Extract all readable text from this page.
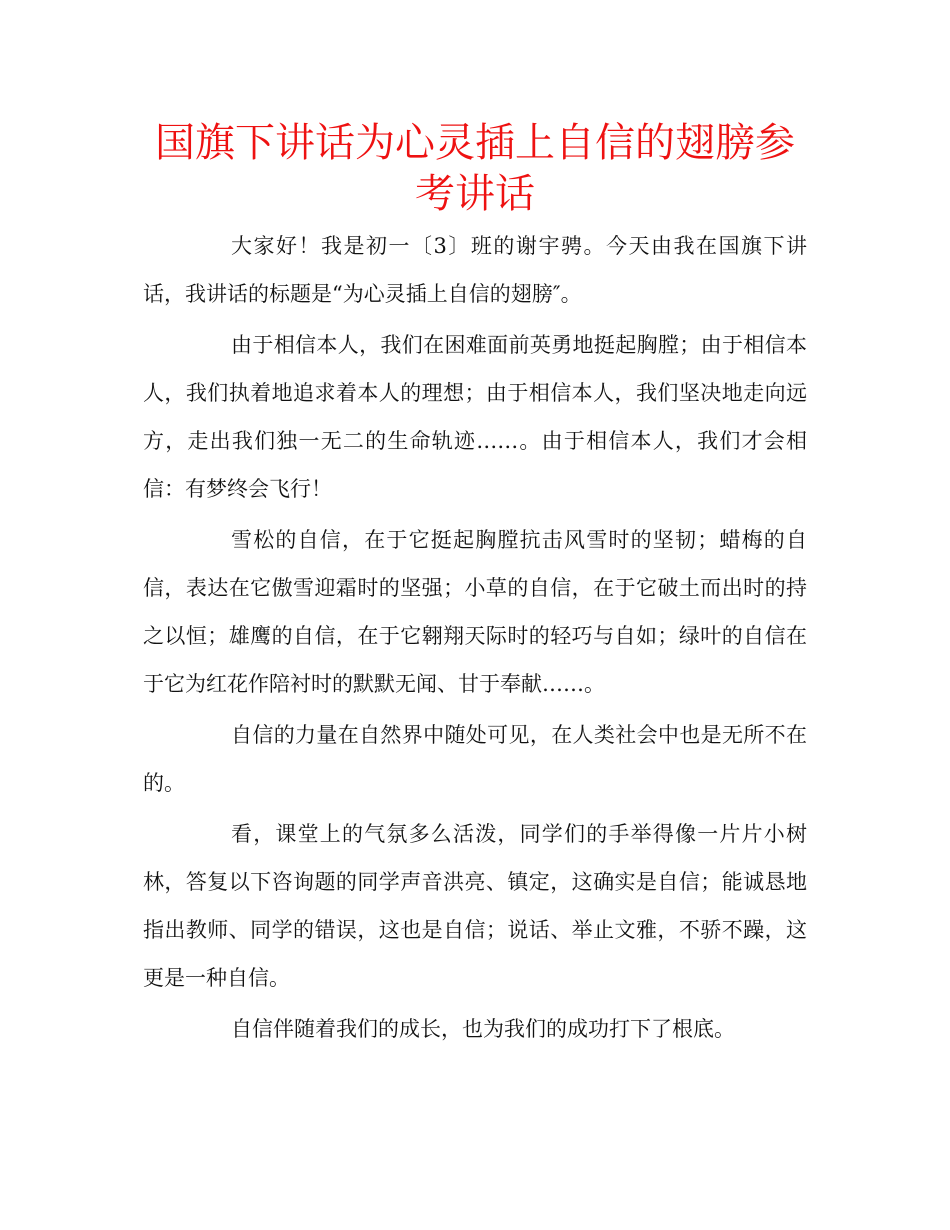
国旗下讲话为心灵插上自信的翅膀参考讲话

大家好！我是初一〔3〕班的谢宇骋。今天由我在国旗下讲话，我讲话的标题是“为心灵插上自信的翅膀″。

由于相信本人，我们在困难面前英勇地挺起胸膛；由于相信本人，我们执着地追求着本人的理想；由于相信本人，我们坚决地走向远方，走出我们独一无二的生命轨迹……。由于相信本人，我们才会相信：有梦终会飞行！

雪松的自信，在于它挺起胸膛抗击风雪时的坚韧；蜡梅的自信，表达在它傲雪迎霜时的坚强；小草的自信，在于它破土而出时的持之以恒；雄鹰的自信，在于它翱翔天际时的轻巧与自如；绿叶的自信在于它为红花作陪衬时的默默无闻、甘于奉献……。

自信的力量在自然界中随处可见，在人类社会中也是无所不在的。

看，课堂上的气氛多么活泼，同学们的手举得像一片片小树林，答复以下咨询题的同学声音洪亮、镇定，这确实是自信；能诚恳地指出教师、同学的错误，这也是自信；说话、举止文雅，不骄不躁，这更是一种自信。

自信伴随着我们的成长，也为我们的成功打下了根底。
